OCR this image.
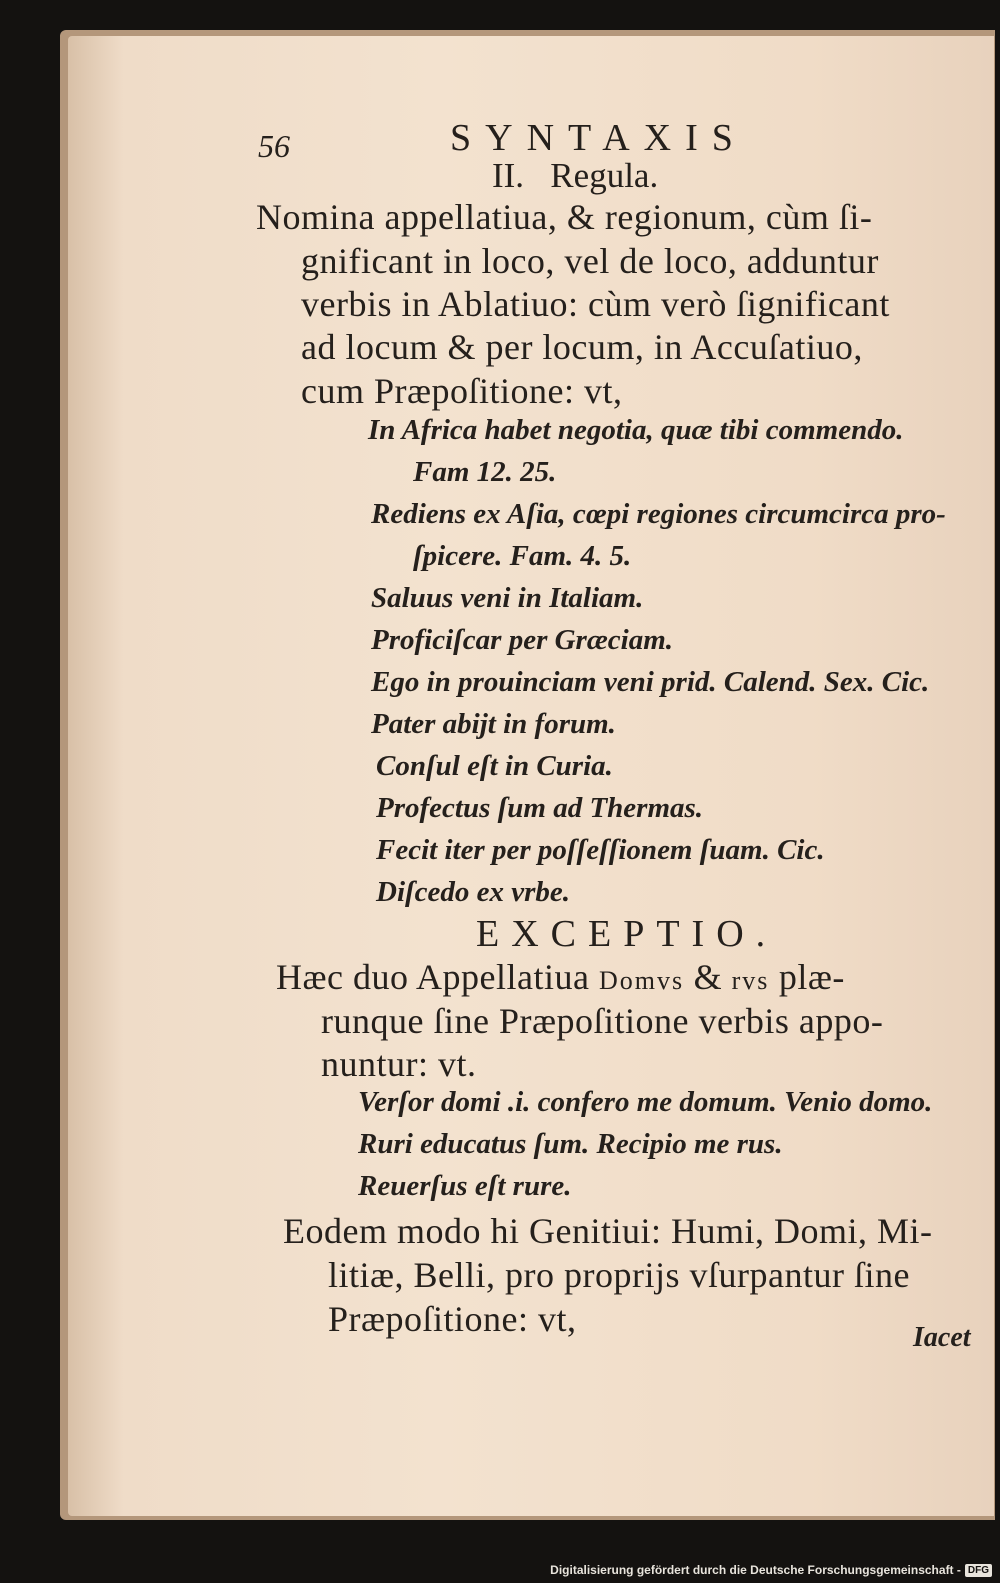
56	SYNTAXIS
II.   Regula.
Nomina appellatiua, & regionum, cùm ſi-
gnificant in loco, vel de loco, adduntur
verbis in Ablatiuo: cùm verò ſignificant
ad locum & per locum, in Accuſatiuo,
cum Præpoſitione: vt,
In Africa habet negotia, quæ tibi commendo.
Fam 12. 25.
Rediens ex Aſia, cœpi regiones circumcirca pro-
ſpicere. Fam. 4. 5.
Saluus veni in Italiam.
Proficiſcar per Græciam.
Ego in prouinciam veni prid. Calend. Sex. Cic.
Pater abijt in forum.
Conſul eſt in Curia.
Profectus ſum ad Thermas.
Fecit iter per poſſeſſionem ſuam. Cic.
Diſcedo ex vrbe.
EXCEPTIO.
Hæc duo Appellatiua Domvs & rvs plæ-
runque ſine Præpoſitione verbis appo-
nuntur: vt.
Verſor domi .i. confero me domum. Venio domo.
Ruri educatus ſum. Recipio me rus.
Reuerſus eſt rure.
Eodem modo hi Genitiui: Humi, Domi, Mi-
litiæ, Belli, pro proprijs vſurpantur ſine
Præpoſitione: vt,	Iacet
Digitalisierung gefördert durch die Deutsche Forschungsgemeinschaft - DFG
